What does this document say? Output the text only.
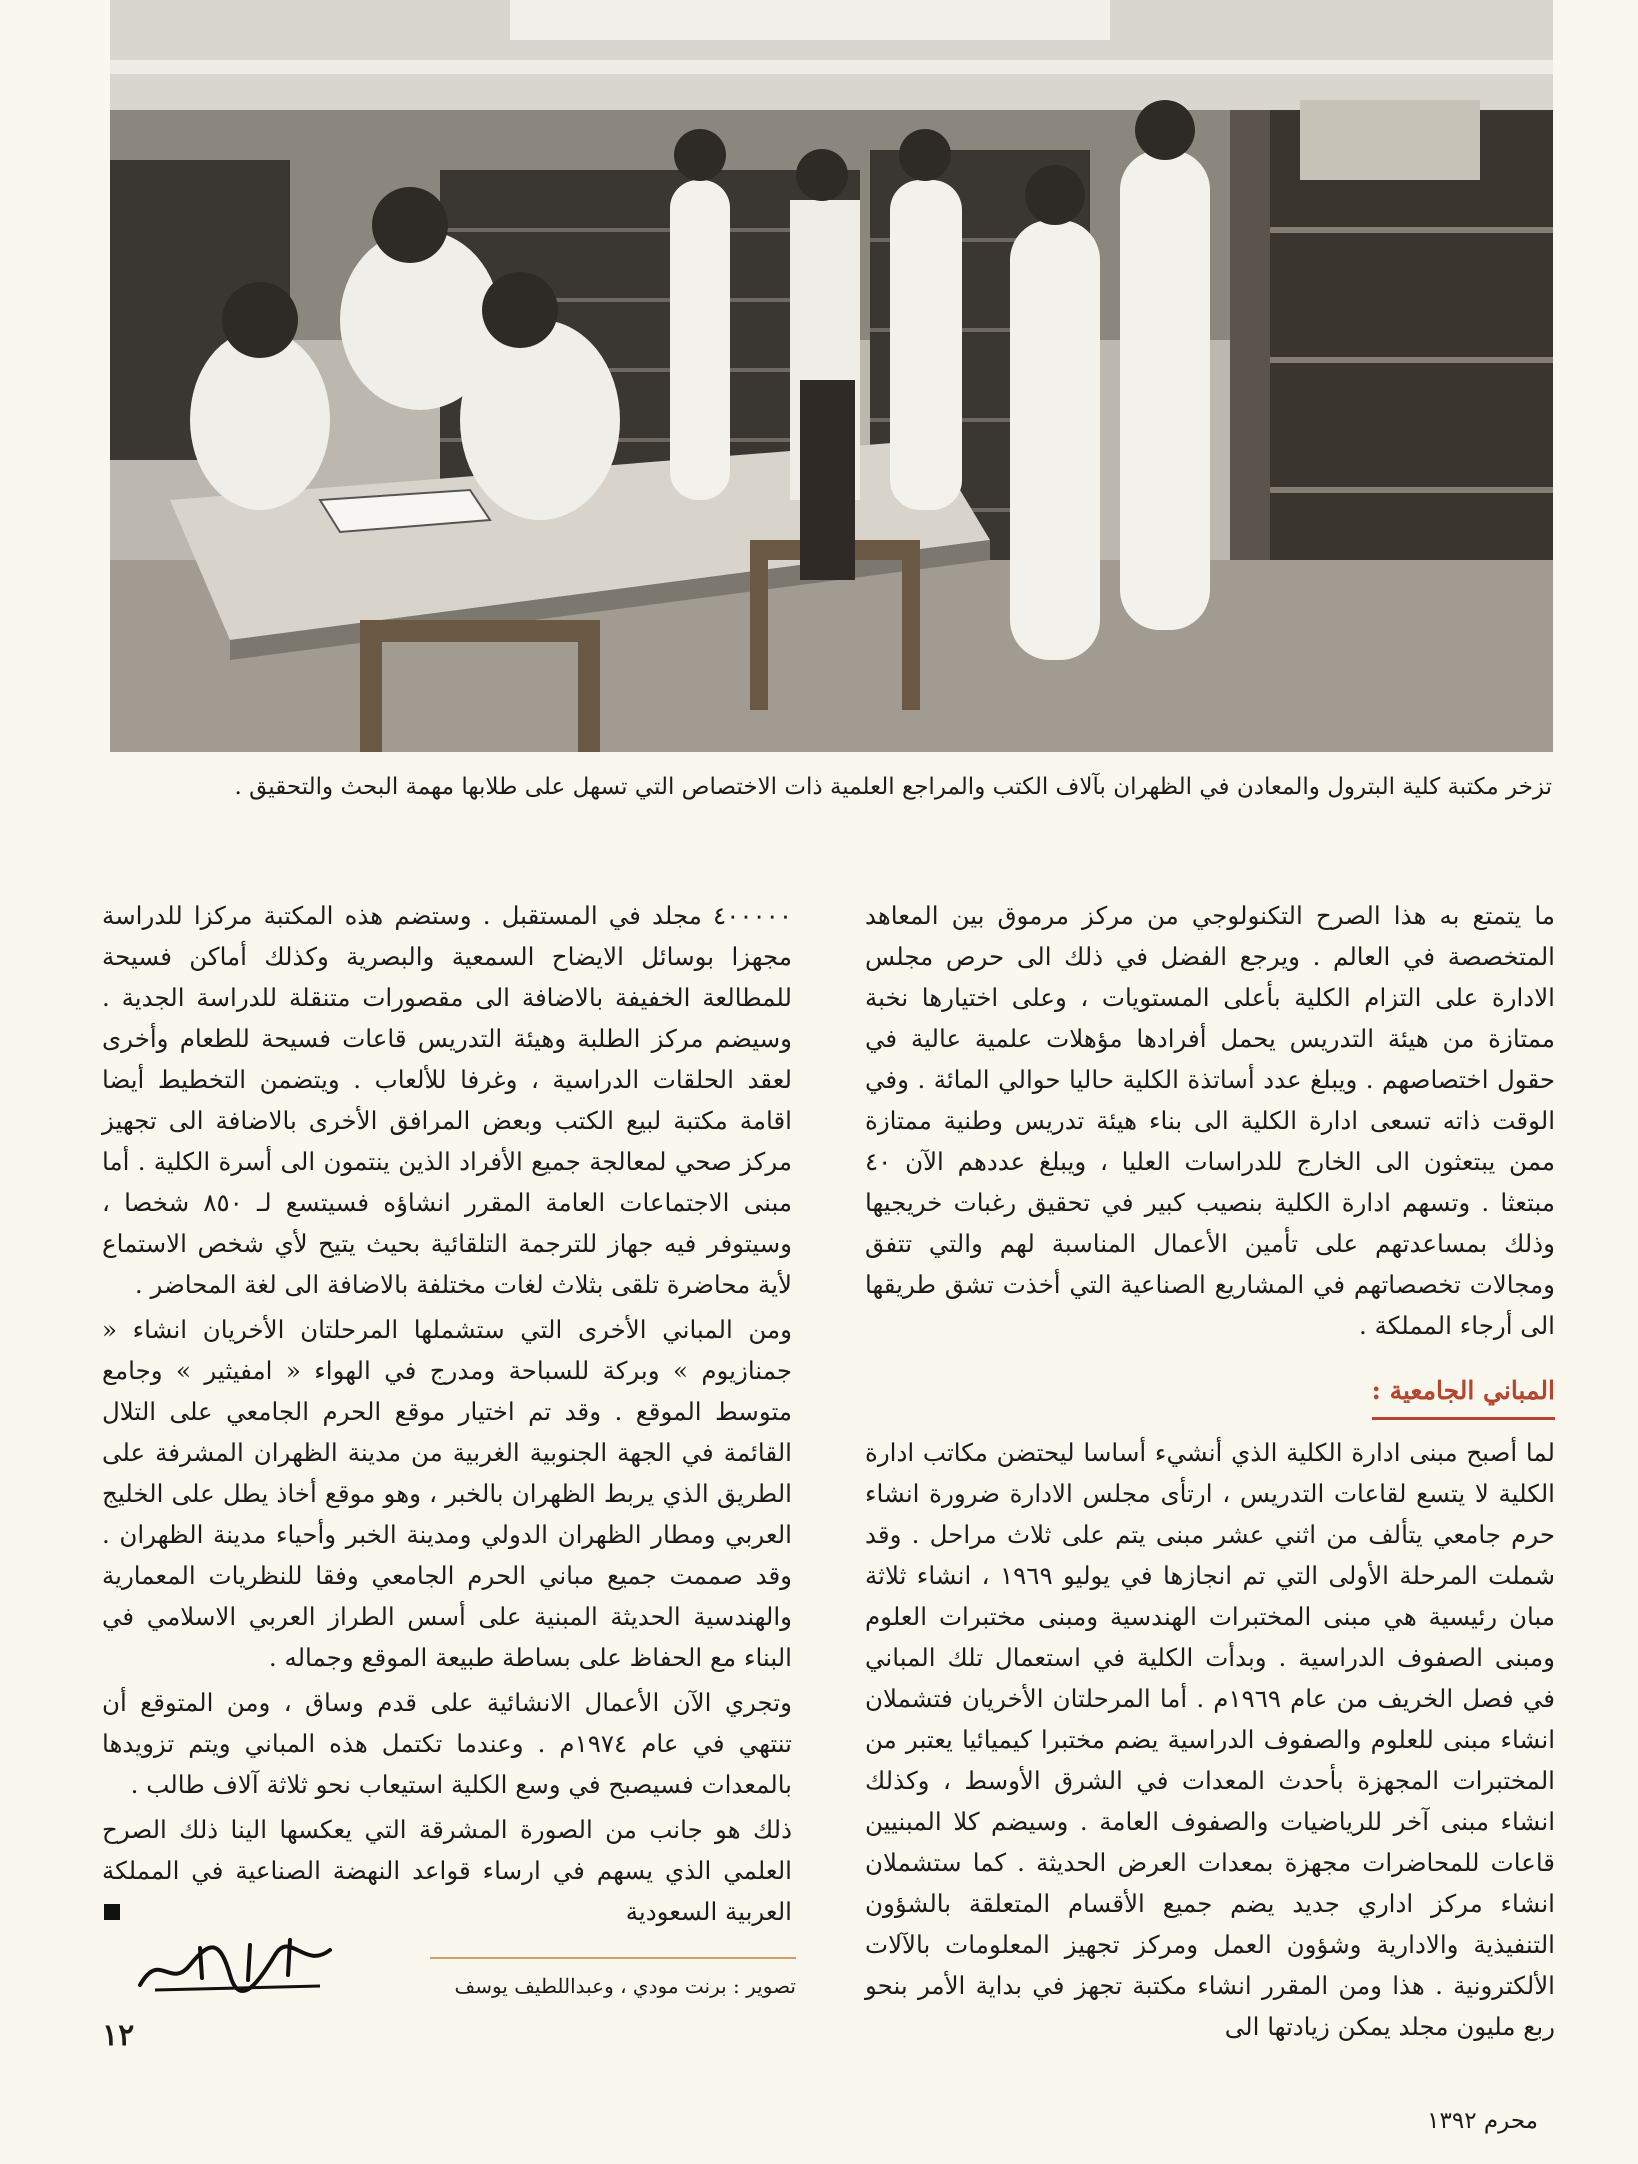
تزخر مكتبة كلية البترول والمعادن في الظهران بآلاف الكتب والمراجع العلمية ذات الاختصاص التي تسهل على طلابها مهمة البحث والتحقيق .

ما يتمتع به هذا الصرح التكنولوجي من مركز مرموق بين المعاهد المتخصصة في العالم . ويرجع الفضل في ذلك الى حرص مجلس الادارة على التزام الكلية بأعلى المستويات ، وعلى اختيارها نخبة ممتازة من هيئة التدريس يحمل أفرادها مؤهلات علمية عالية في حقول اختصاصهم . ويبلغ عدد أساتذة الكلية حاليا حوالي المائة . وفي الوقت ذاته تسعى ادارة الكلية الى بناء هيئة تدريس وطنية ممتازة ممن يبتعثون الى الخارج للدراسات العليا ، ويبلغ عددهم الآن ٤٠ مبتعثا . وتسهم ادارة الكلية بنصيب كبير في تحقيق رغبات خريجيها وذلك بمساعدتهم على تأمين الأعمال المناسبة لهم والتي تتفق ومجالات تخصصاتهم في المشاريع الصناعية التي أخذت تشق طريقها الى أرجاء المملكة .

المباني الجامعية :

لما أصبح مبنى ادارة الكلية الذي أنشيء أساسا ليحتضن مكاتب ادارة الكلية لا يتسع لقاعات التدريس ، ارتأى مجلس الادارة ضرورة انشاء حرم جامعي يتألف من اثني عشر مبنى يتم على ثلاث مراحل . وقد شملت المرحلة الأولى التي تم انجازها في يوليو ١٩٦٩ ، انشاء ثلاثة مبان رئيسية هي مبنى المختبرات الهندسية ومبنى مختبرات العلوم ومبنى الصفوف الدراسية . وبدأت الكلية في استعمال تلك المباني في فصل الخريف من عام ١٩٦٩م . أما المرحلتان الأخريان فتشملان انشاء مبنى للعلوم والصفوف الدراسية يضم مختبرا كيميائيا يعتبر من المختبرات المجهزة بأحدث المعدات في الشرق الأوسط ، وكذلك انشاء مبنى آخر للرياضيات والصفوف العامة . وسيضم كلا المبنيين قاعات للمحاضرات مجهزة بمعدات العرض الحديثة . كما ستشملان انشاء مركز اداري جديد يضم جميع الأقسام المتعلقة بالشؤون التنفيذية والادارية وشؤون العمل ومركز تجهيز المعلومات بالآلات الألكترونية . هذا ومن المقرر انشاء مكتبة تجهز في بداية الأمر بنحو ربع مليون مجلد يمكن زيادتها الى

٤٠٠٠٠٠ مجلد في المستقبل . وستضم هذه المكتبة مركزا للدراسة مجهزا بوسائل الايضاح السمعية والبصرية وكذلك أماكن فسيحة للمطالعة الخفيفة بالاضافة الى مقصورات متنقلة للدراسة الجدية . وسيضم مركز الطلبة وهيئة التدريس قاعات فسيحة للطعام وأخرى لعقد الحلقات الدراسية ، وغرفا للألعاب . ويتضمن التخطيط أيضا اقامة مكتبة لبيع الكتب وبعض المرافق الأخرى بالاضافة الى تجهيز مركز صحي لمعالجة جميع الأفراد الذين ينتمون الى أسرة الكلية . أما مبنى الاجتماعات العامة المقرر انشاؤه فسيتسع لـ ٨٥٠ شخصا ، وسيتوفر فيه جهاز للترجمة التلقائية بحيث يتيح لأي شخص الاستماع لأية محاضرة تلقى بثلاث لغات مختلفة بالاضافة الى لغة المحاضر .

ومن المباني الأخرى التي ستشملها المرحلتان الأخريان انشاء « جمنازيوم » وبركة للسباحة ومدرج في الهواء « امفيثير » وجامع متوسط الموقع . وقد تم اختيار موقع الحرم الجامعي على التلال القائمة في الجهة الجنوبية الغربية من مدينة الظهران المشرفة على الطريق الذي يربط الظهران بالخبر ، وهو موقع أخاذ يطل على الخليج العربي ومطار الظهران الدولي ومدينة الخبر وأحياء مدينة الظهران . وقد صممت جميع مباني الحرم الجامعي وفقا للنظريات المعمارية والهندسية الحديثة المبنية على أسس الطراز العربي الاسلامي في البناء مع الحفاظ على بساطة طبيعة الموقع وجماله .

وتجري الآن الأعمال الانشائية على قدم وساق ، ومن المتوقع أن تنتهي في عام ١٩٧٤م . وعندما تكتمل هذه المباني ويتم تزويدها بالمعدات فسيصبح في وسع الكلية استيعاب نحو ثلاثة آلاف طالب .

ذلك هو جانب من الصورة المشرقة التي يعكسها الينا ذلك الصرح العلمي الذي يسهم في ارساء قواعد النهضة الصناعية في المملكة العربية السعودية

تصوير : برنت مودي ، وعبداللطيف يوسف
١٢
محرم ١٣٩٢
